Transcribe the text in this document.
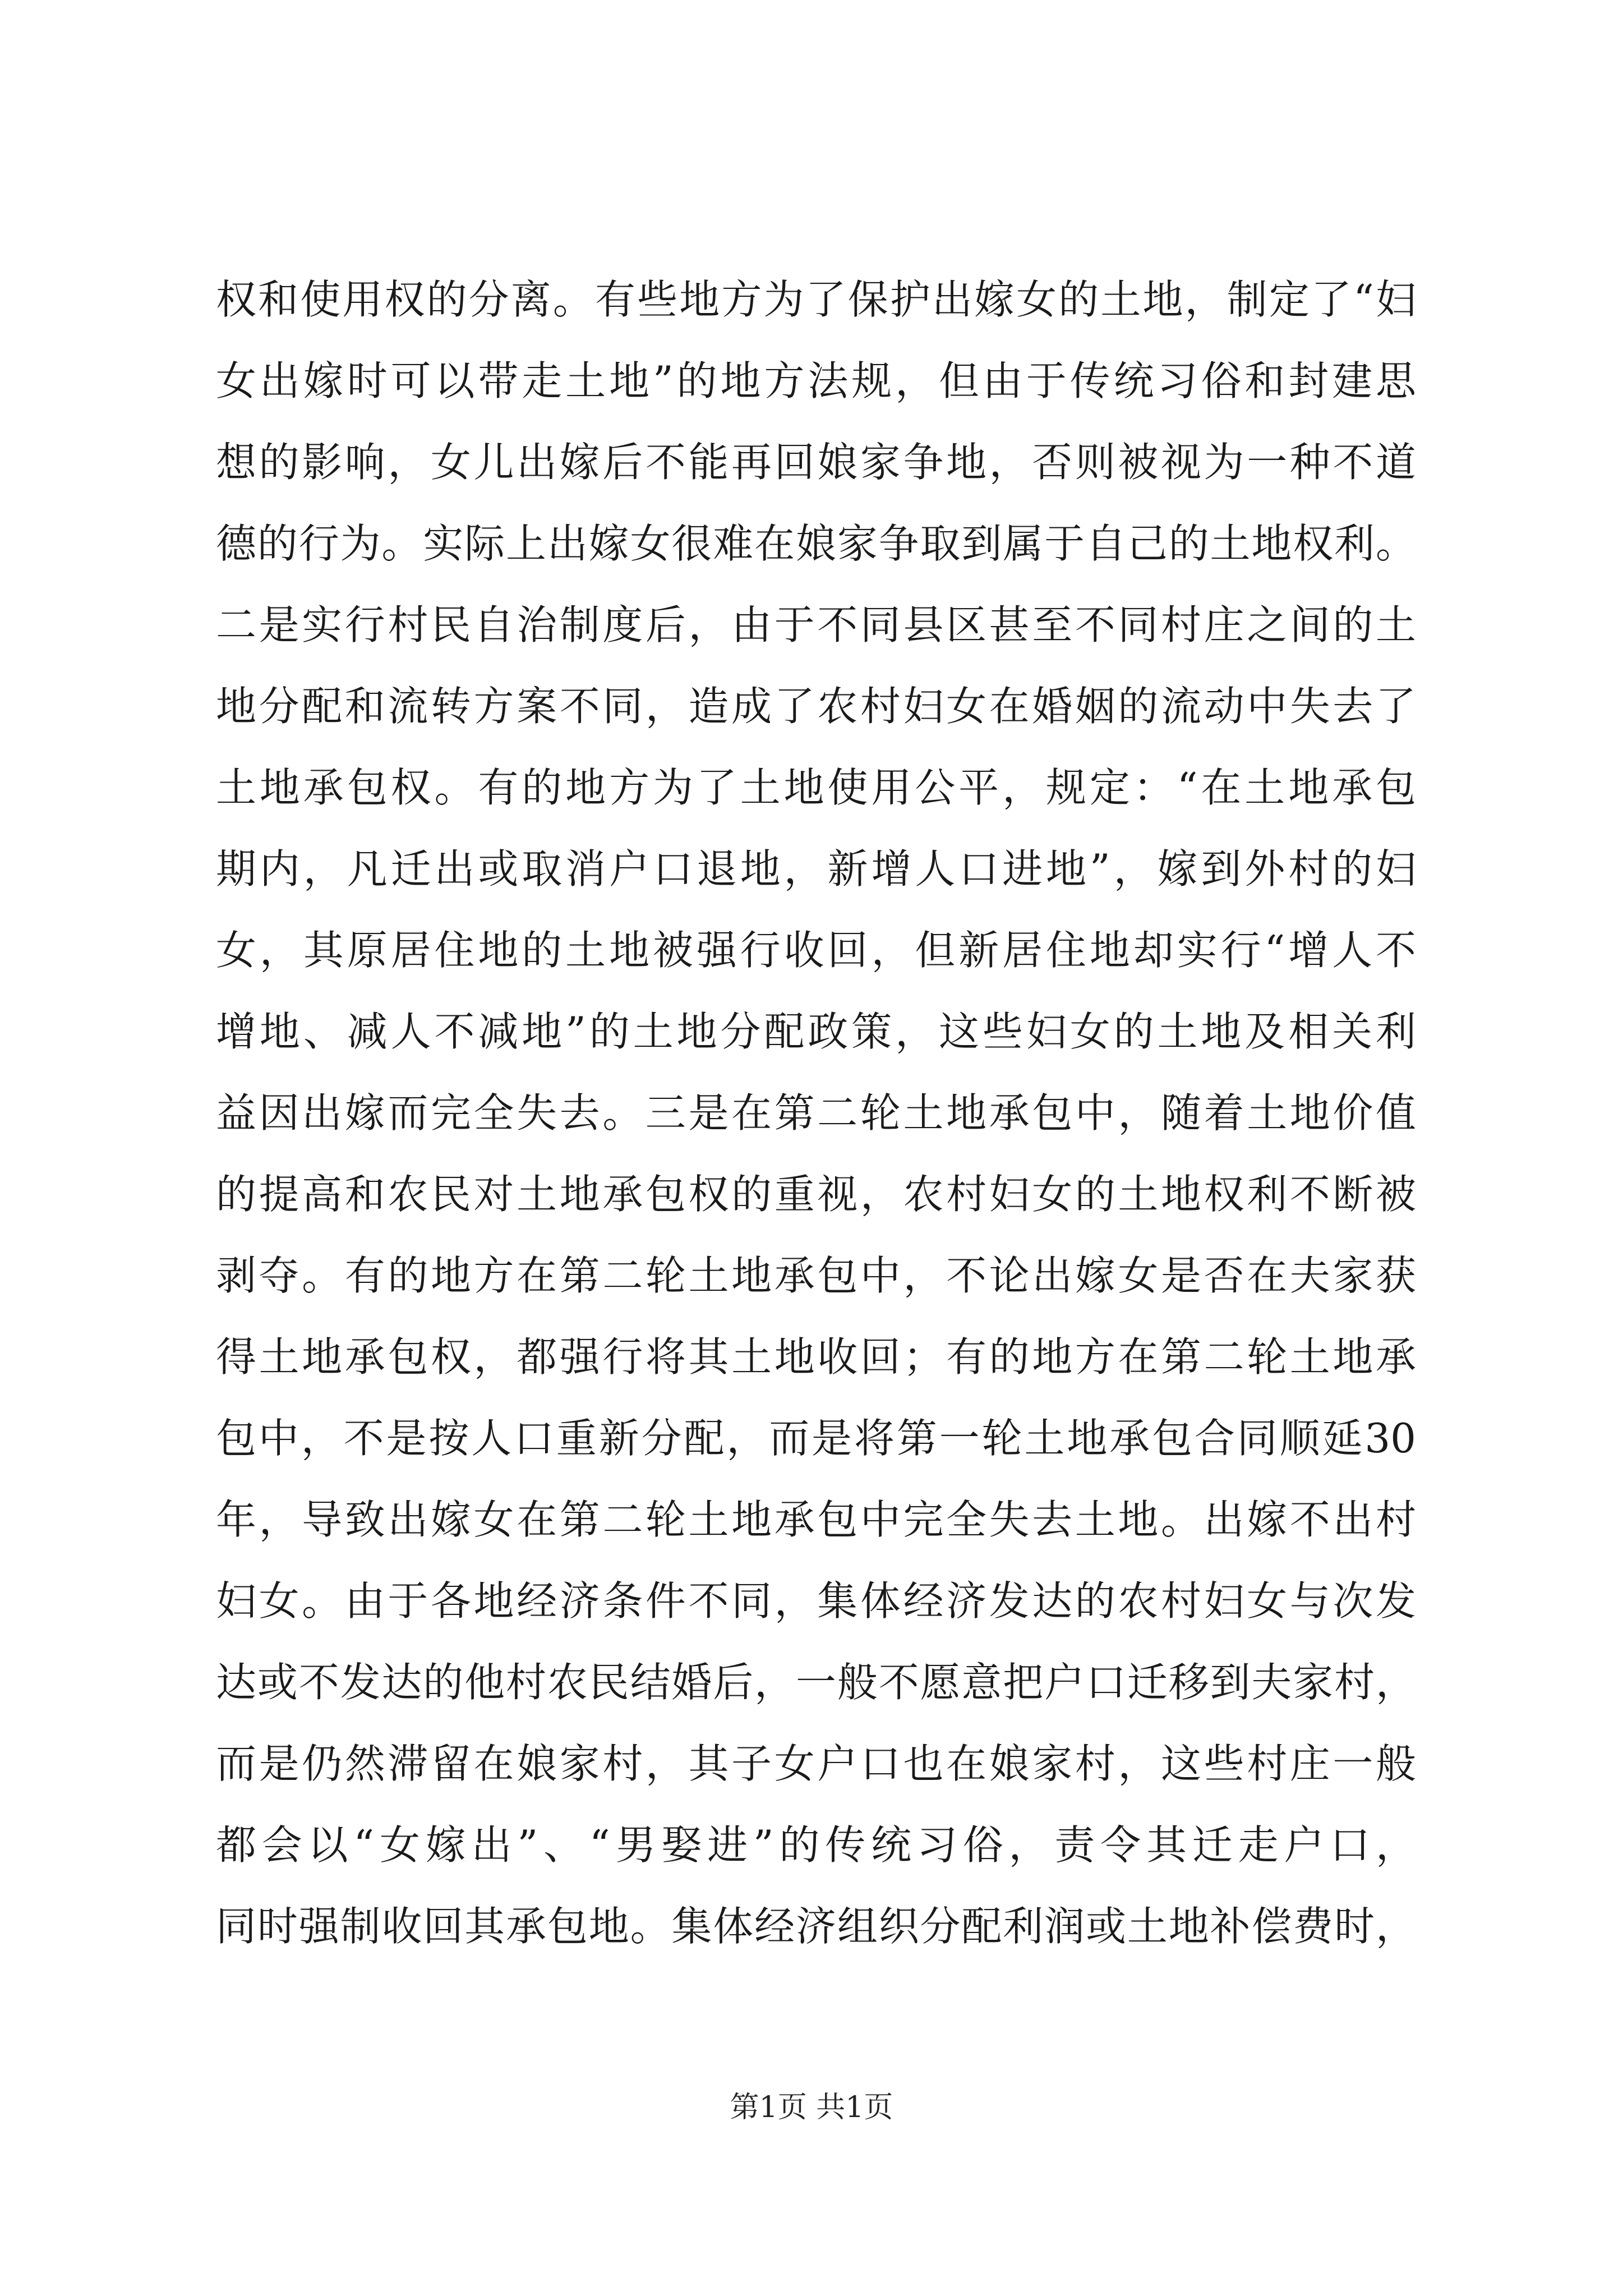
权和使用权的分离。有些地方为了保护出嫁女的土地，制定了“妇
女出嫁时可以带走土地”的地方法规，但由于传统习俗和封建思
想的影响，女儿出嫁后不能再回娘家争地，否则被视为一种不道
德的行为。实际上出嫁女很难在娘家争取到属于自己的土地权利。
二是实行村民自治制度后，由于不同县区甚至不同村庄之间的土
地分配和流转方案不同，造成了农村妇女在婚姻的流动中失去了
土地承包权。有的地方为了土地使用公平，规定：“在土地承包
期内，凡迁出或取消户口退地，新增人口进地”，嫁到外村的妇
女，其原居住地的土地被强行收回，但新居住地却实行“增人不
增地、减人不减地”的土地分配政策，这些妇女的土地及相关利
益因出嫁而完全失去。三是在第二轮土地承包中，随着土地价值
的提高和农民对土地承包权的重视，农村妇女的土地权利不断被
剥夺。有的地方在第二轮土地承包中，不论出嫁女是否在夫家获
得土地承包权，都强行将其土地收回；有的地方在第二轮土地承
包中，不是按人口重新分配，而是将第一轮土地承包合同顺延30
年，导致出嫁女在第二轮土地承包中完全失去土地。出嫁不出村
妇女。由于各地经济条件不同，集体经济发达的农村妇女与次发
达或不发达的他村农民结婚后，一般不愿意把户口迁移到夫家村，
而是仍然滞留在娘家村，其子女户口也在娘家村，这些村庄一般
都会以“女嫁出”、“男娶进”的传统习俗，责令其迁走户口，
同时强制收回其承包地。集体经济组织分配利润或土地补偿费时，
第1页 共1页
